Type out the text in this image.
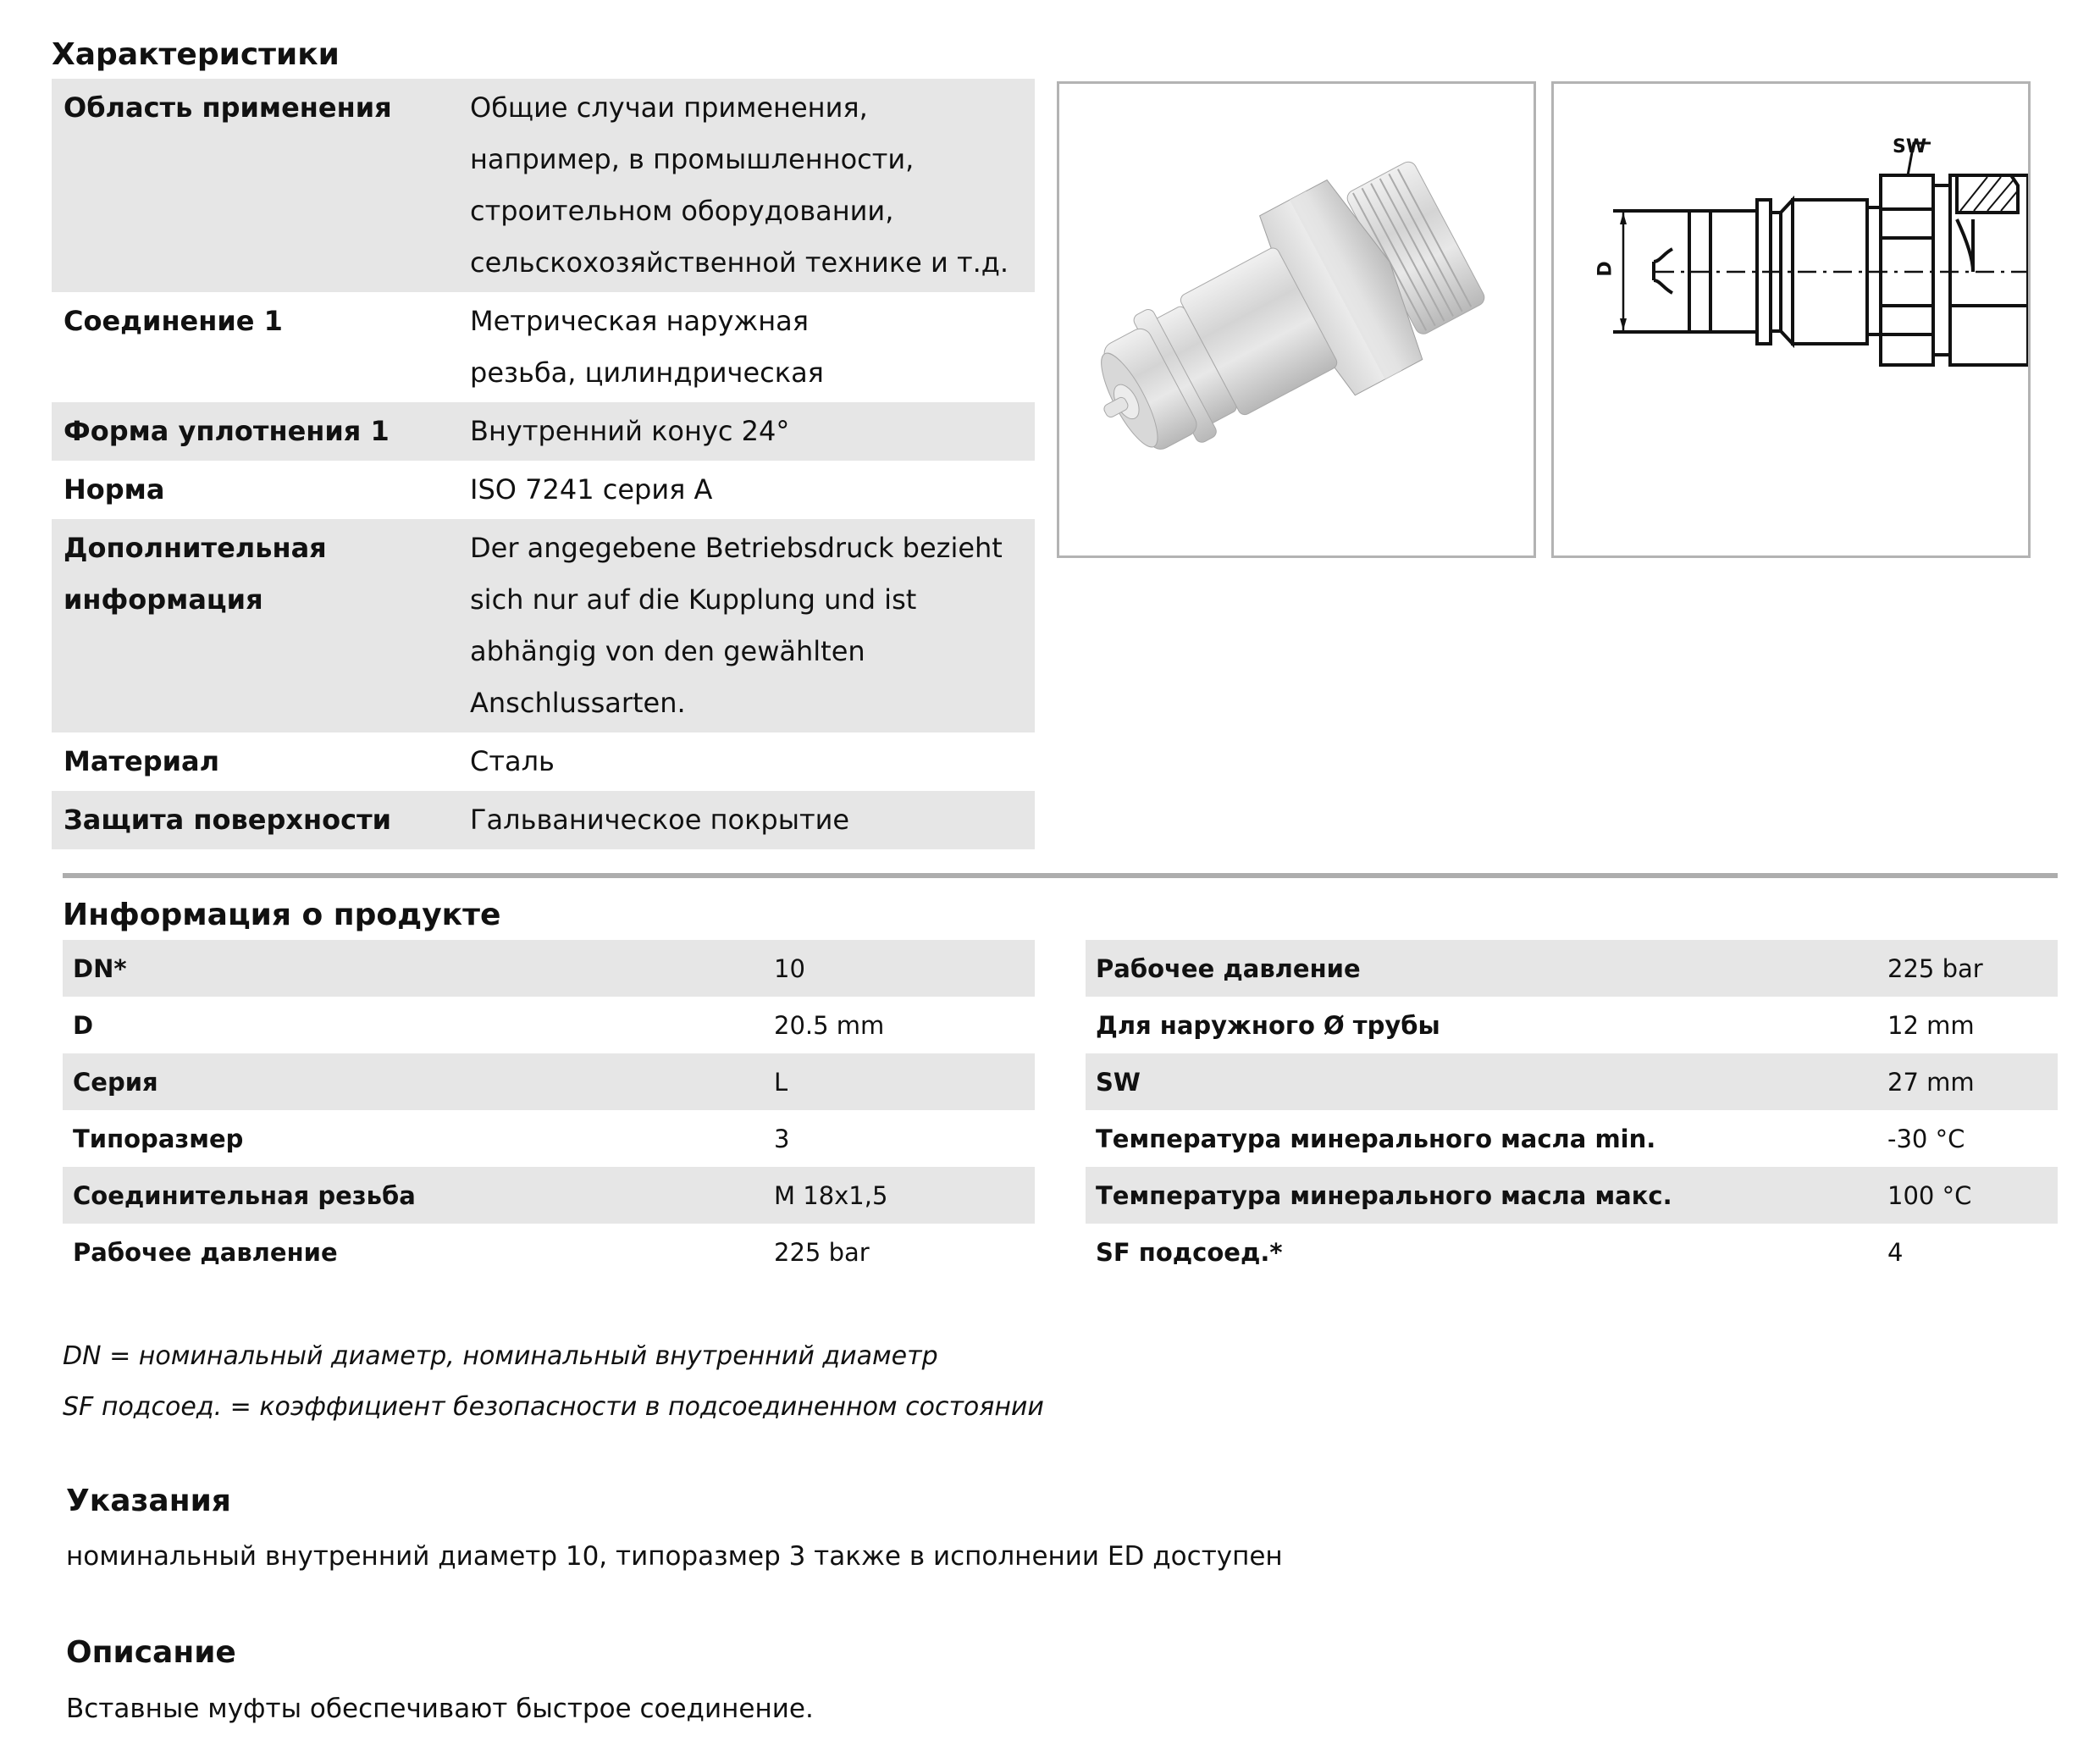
Характеристики
Область применения	Общие случаи применения, например, в промышленности, строительном оборудовании, сельскохозяйственной технике и т.д.
Соединение 1	Метрическая наружная резьба, цилиндрическая
Форма уплотнения 1	Внутренний конус 24°
Норма	ISO 7241 серия A
Дополнительная информация	Der angegebene Betriebsdruck bezieht sich nur auf die Kupplung und ist abhängig von den gewählten Anschlussarten.
Материал	Сталь
Защита поверхности	Гальваническое покрытие
SW
D
Информация о продукте
DN*	10
D	20.5 mm
Серия	L
Типоразмер	3
Соединительная резьба	M 18x1,5
Рабочее давление	225 bar
Рабочее давление	225 bar
Для наружного Ø трубы	12 mm
SW	27 mm
Температура минерального масла min.	-30 °C
Температура минерального масла макс.	100 °C
SF подсоед.*	4
DN = номинальный диаметр, номинальный внутренний диаметр
SF подсоед. = коэффициент безопасности в подсоединенном состоянии
Указания
номинальный внутренний диаметр 10, типоразмер 3 также в исполнении ED доступен
Описание
Вставные муфты обеспечивают быстрое соединение.
